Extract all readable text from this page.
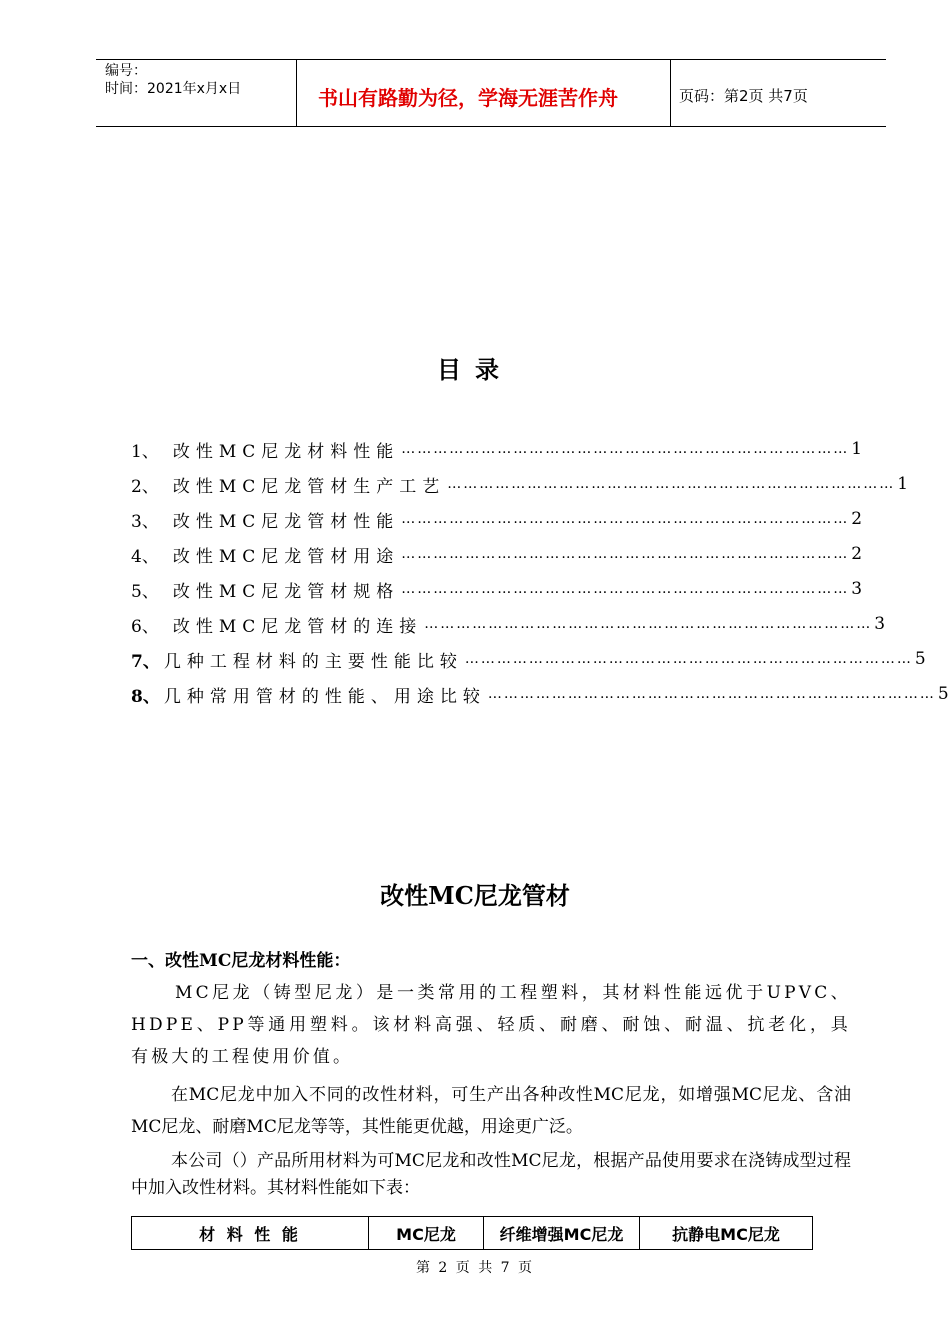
编号：
时间：2021年x月x日	书山有路勤为径，学海无涯苦作舟	页码：第2页 共7页
目录
1、 改性MC尼龙材料性能 ………………………………………………………………………… 1
2、 改性MC尼龙管材生产工艺 ………………………………………………………………………… 1
3、 改性MC尼龙管材性能 ………………………………………………………………………… 2
4、 改性MC尼龙管材用途 ………………………………………………………………………… 2
5、 改性MC尼龙管材规格 ………………………………………………………………………… 3
6、 改性MC尼龙管材的连接 ………………………………………………………………………… 3
7、 几种工程材料的主要性能比较 ………………………………………………………………………… 5
8、 几种常用管材的性能、用途比较 ………………………………………………………………………… 5
改性MC尼龙管材
一、改性MC尼龙材料性能：
MC尼龙（铸型尼龙）是一类常用的工程塑料，其材料性能远优于UPVC、HDPE、PP等通用塑料。该材料高强、轻质、耐磨、耐蚀、耐温、抗老化，具有极大的工程使用价值。
在MC尼龙中加入不同的改性材料，可生产出各种改性MC尼龙，如增强MC尼龙、含油MC尼龙、耐磨MC尼龙等等，其性能更优越，用途更广泛。
本公司（）产品所用材料为可MC尼龙和改性MC尼龙，根据产品使用要求在浇铸成型过程中加入改性材料。其材料性能如下表：
材 料 性 能	MC尼龙	纤维增强MC尼龙	抗静电MC尼龙
第 2 页 共 7 页
